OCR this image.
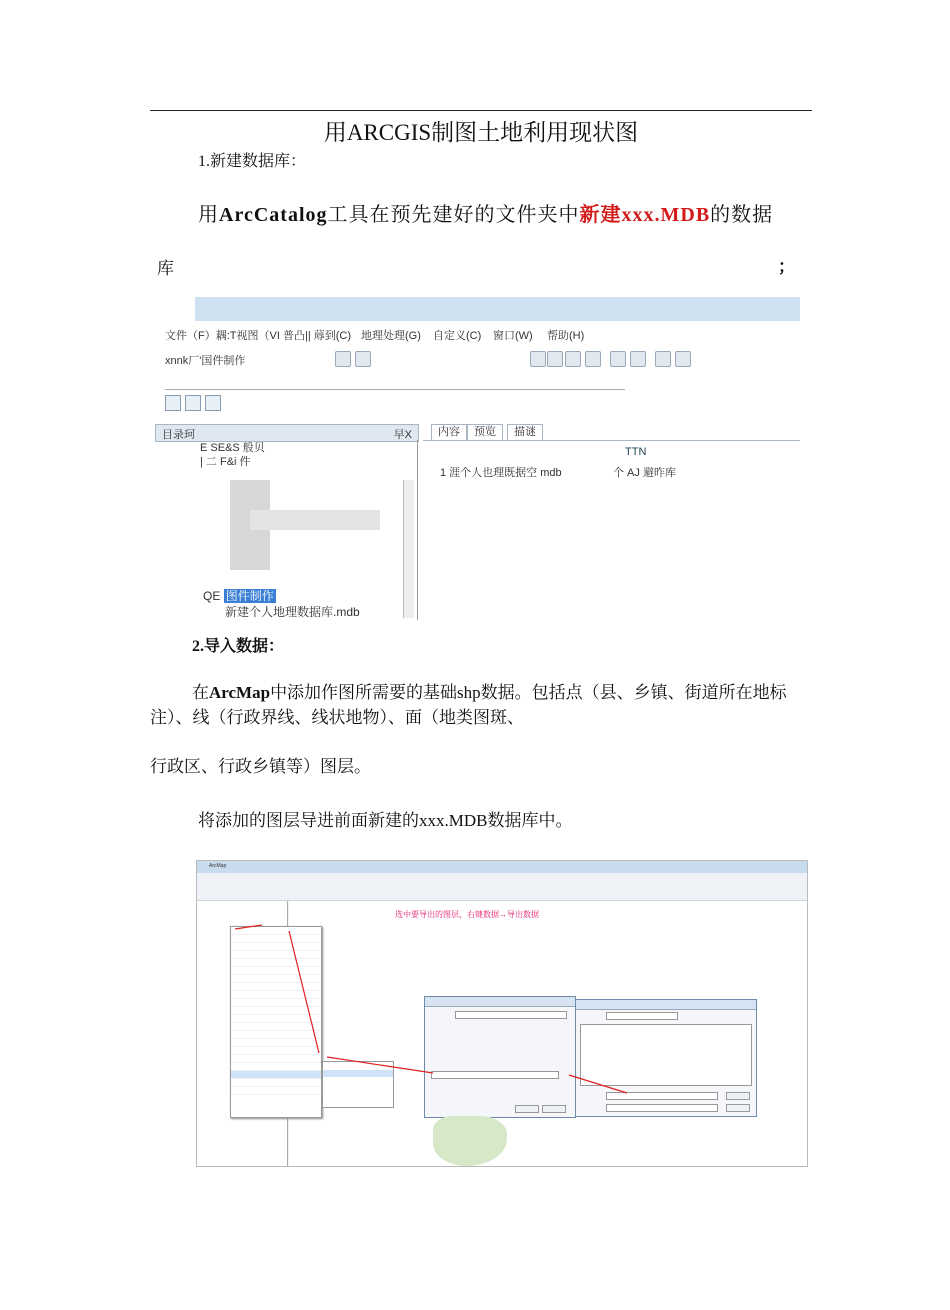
用ARCGIS制图土地利用现状图
1.新建数据库：
用ArcCatalog工具在预先建好的文件夹中新建xxx.MDB的数据
库	；
文件（F）耦:T视图（VI 普凸|| 蓐到(C) 地理处理(G) 自定义(C) 窗口(W) 帮助(H)
xnnk厂'国件制作
目录珂	早X
E SE&S 般贝
| 二 F&i 件
QE 图件制作
新建个人地理数据库.mdb
内容	预览	描谜
TTN
1 涯个人也理既据空 mdb	个 AJ 避昨库
2.导入数据：
在ArcMap中添加作图所需要的基础shp数据。包括点（县、乡镇、街道所在地标注）、线（行政界线、线状地物）、面（地类图斑、
行政区、行政乡镇等）图层。
将添加的图层导进前面新建的xxx.MDB数据库中。
ArcMap
选中要导出的图层，右键数据→导出数据
